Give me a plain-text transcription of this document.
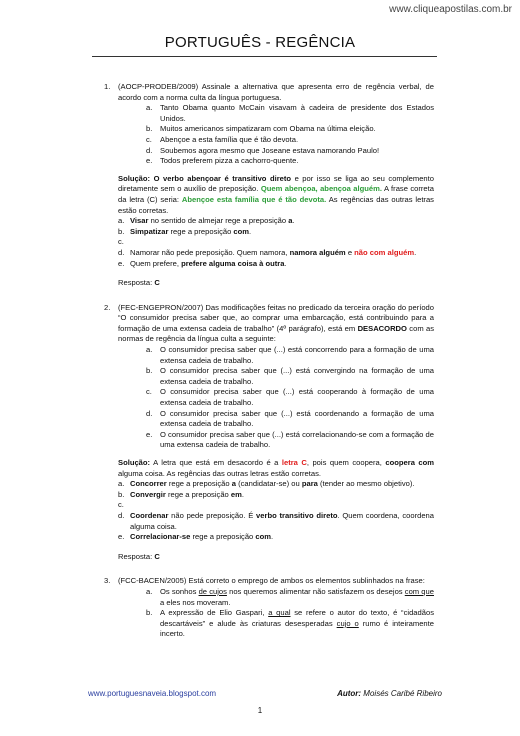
www.cliqueapostilas.com.br
PORTUGUÊS - REGÊNCIA
1.	(AOCP-PRODEB/2009) Assinale a alternativa que apresenta erro de regência verbal, de acordo com a norma culta da língua portuguesa.
a.	Tanto Obama quanto McCain visavam à cadeira de presidente dos Estados Unidos.
b.	Muitos americanos simpatizaram com Obama na última eleição.
c.	Abençoe a esta família que é tão devota.
d.	Soubemos agora mesmo que Joseane estava namorando Paulo!
e.	Todos preferem pizza a cachorro-quente.
Solução: O verbo abençoar é transitivo direto e por isso se liga ao seu complemento diretamente sem o auxílio de preposição. Quem abençoa, abençoa alguém. A frase correta da letra (C) seria: Abençoe esta família que é tão devota. As regências das outras letras estão corretas.
a. Visar no sentido de almejar rege a preposição a.
b. Simpatizar rege a preposição com.
c.
d. Namorar não pede preposição. Quem namora, namora alguém e não com alguém.
e. Quem prefere, prefere alguma coisa à outra.
Resposta: C
2.	(FEC-ENGEPRON/2007) Das modificações feitas no predicado da terceira oração do período “O consumidor precisa saber que, ao comprar uma embarcação, está contribuindo para a formação de uma extensa cadeia de trabalho” (4º parágrafo), está em DESACORDO com as normas de regência da língua culta a seguinte:
a.	O consumidor precisa saber que (...) está concorrendo para a formação de uma extensa cadeia de trabalho.
b.	O consumidor precisa saber que (...) está convergindo na formação de uma extensa cadeia de trabalho.
c.	O consumidor precisa saber que (...) está cooperando à formação de uma extensa cadeia de trabalho.
d.	O consumidor precisa saber que (...) está coordenando a formação de uma extensa cadeia de trabalho.
e.	O consumidor precisa saber que (...) está correlacionando-se com a formação de uma extensa cadeia de trabalho.
Solução: A letra que está em desacordo é a letra C, pois quem coopera, coopera com alguma coisa. As regências das outras letras estão corretas.
a. Concorrer rege a preposição a (candidatar-se) ou para (tender ao mesmo objetivo).
b. Convergir rege a preposição em.
c.
d. Coordenar não pede preposição. É verbo transitivo direto. Quem coordena, coordena alguma coisa.
e. Correlacionar-se rege a preposição com.
Resposta: C
3.	(FCC-BACEN/2005) Está correto o emprego de ambos os elementos sublinhados na frase:
a.	Os sonhos de cujos nos queremos alimentar não satisfazem os desejos com que a eles nos moveram.
b.	A expressão de Elio Gaspari, a qual se refere o autor do texto, é “cidadãos descartáveis” e alude às criaturas desesperadas cujo o rumo é inteiramente incerto.
www.portuguesnaveia.blogspot.com	Autor: Moisés Caribé Ribeiro
1
